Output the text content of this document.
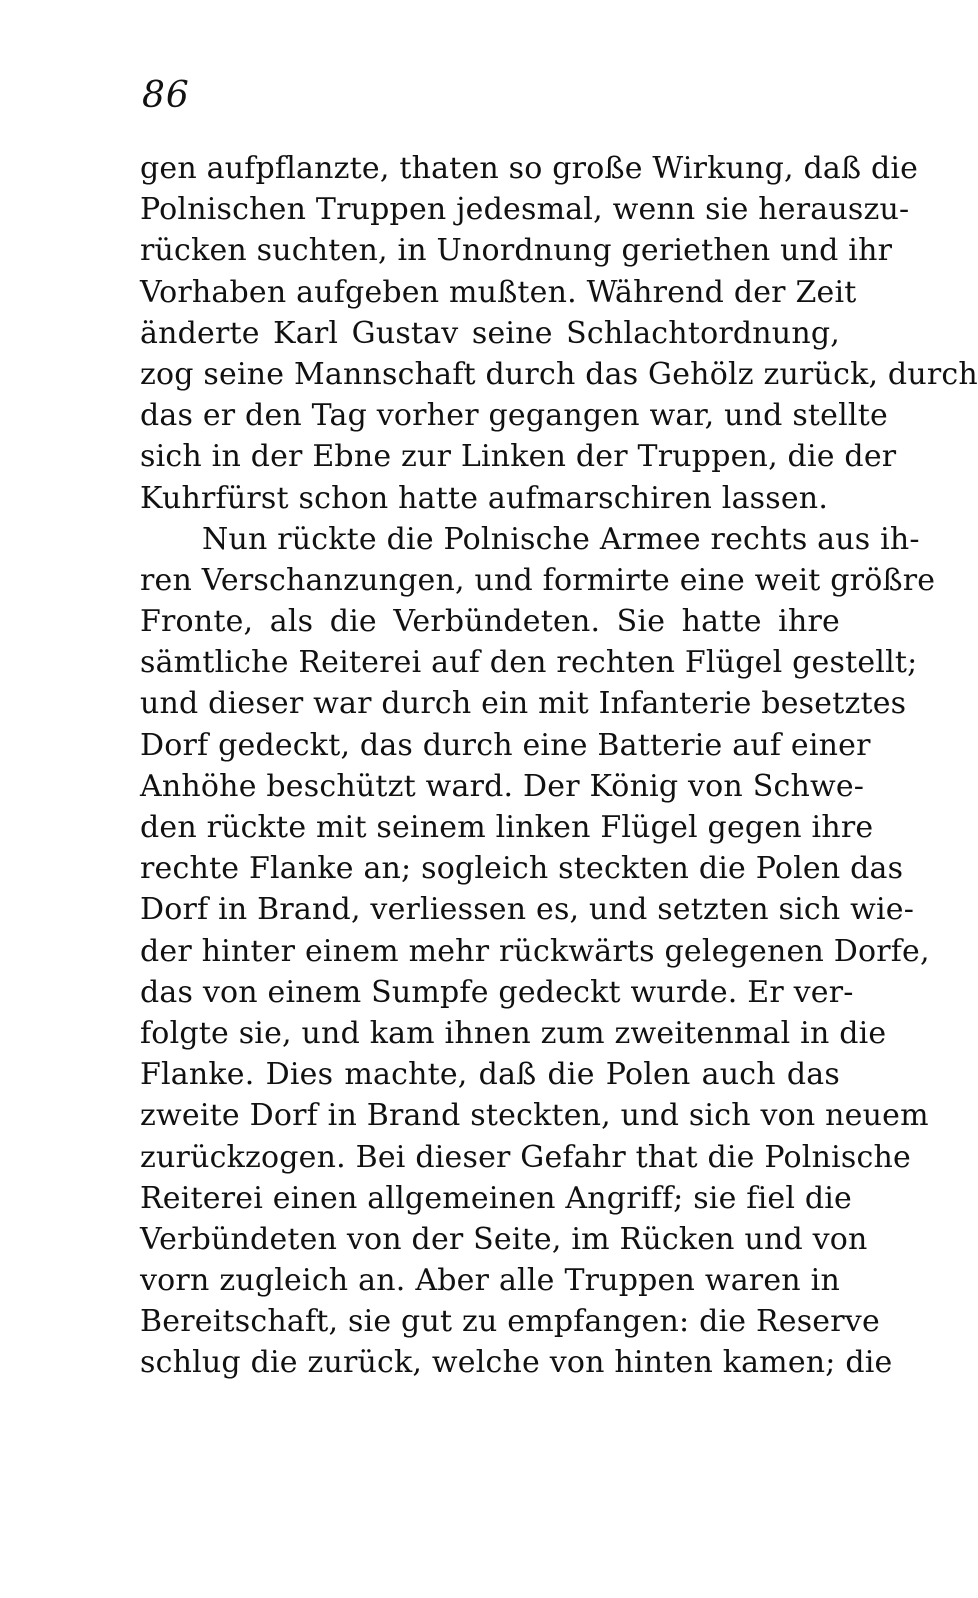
86
gen aufpflanzte, thaten so große Wirkung, daß die
Polnischen Truppen jedesmal, wenn sie herauszu-
rücken suchten, in Unordnung geriethen und ihr
Vorhaben aufgeben mußten. Während der Zeit
änderte Karl Gustav seine Schlachtordnung,
zog seine Mannschaft durch das Gehölz zurück, durch
das er den Tag vorher gegangen war, und stellte
sich in der Ebne zur Linken der Truppen, die der
Kuhrfürst schon hatte aufmarschiren lassen.
Nun rückte die Polnische Armee rechts aus ih-
ren Verschanzungen, und formirte eine weit größre
Fronte, als die Verbündeten. Sie hatte ihre
sämtliche Reiterei auf den rechten Flügel gestellt;
und dieser war durch ein mit Infanterie besetztes
Dorf gedeckt, das durch eine Batterie auf einer
Anhöhe beschützt ward. Der König von Schwe-
den rückte mit seinem linken Flügel gegen ihre
rechte Flanke an; sogleich steckten die Polen das
Dorf in Brand, verliessen es, und setzten sich wie-
der hinter einem mehr rückwärts gelegenen Dorfe,
das von einem Sumpfe gedeckt wurde. Er ver-
folgte sie, und kam ihnen zum zweitenmal in die
Flanke. Dies machte, daß die Polen auch das
zweite Dorf in Brand steckten, und sich von neuem
zurückzogen. Bei dieser Gefahr that die Polnische
Reiterei einen allgemeinen Angriff; sie fiel die
Verbündeten von der Seite, im Rücken und von
vorn zugleich an. Aber alle Truppen waren in
Bereitschaft, sie gut zu empfangen: die Reserve
schlug die zurück, welche von hinten kamen; die
